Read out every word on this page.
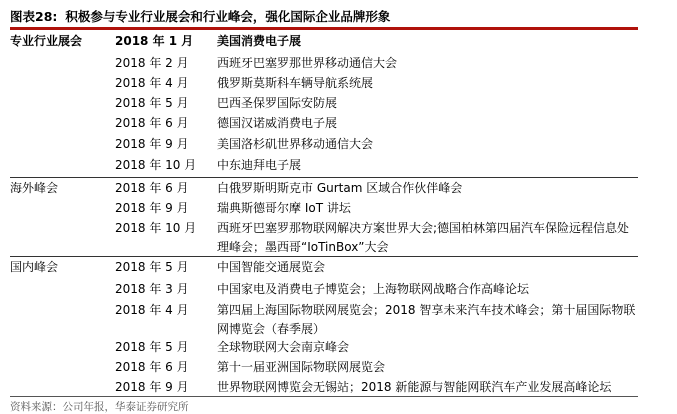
图表28: 积极参与专业行业展会和行业峰会，强化国际企业品牌形象
专业行业展会	2018 年 1 月	美国消费电子展
2018 年 2 月	西班牙巴塞罗那世界移动通信大会
2018 年 4 月	俄罗斯莫斯科车辆导航系统展
2018 年 5 月	巴西圣保罗国际安防展
2018 年 6 月	德国汉诺威消费电子展
2018 年 9 月	美国洛杉矶世界移动通信大会
2018 年 10 月	中东迪拜电子展
海外峰会	2018 年 6 月	白俄罗斯明斯克市 Gurtam 区域合作伙伴峰会
2018 年 9 月	瑞典斯德哥尔摩 IoT 讲坛
2018 年 10 月	西班牙巴塞罗那物联网解决方案世界大会;德国柏林第四届汽车保险远程信息处理峰会；墨西哥“IoTinBox”大会
国内峰会	2018 年 5 月	中国智能交通展览会
2018 年 3 月	中国家电及消费电子博览会；上海物联网战略合作高峰论坛
2018 年 4 月	第四届上海国际物联网展览会；2018 智享未来汽车技术峰会；第十届国际物联网博览会（春季展）
2018 年 5 月	全球物联网大会南京峰会
2018 年 6 月	第十一届亚洲国际物联网展览会
2018 年 9 月	世界物联网博览会无锡站；2018 新能源与智能网联汽车产业发展高峰论坛
资料来源：公司年报，华泰证券研究所
